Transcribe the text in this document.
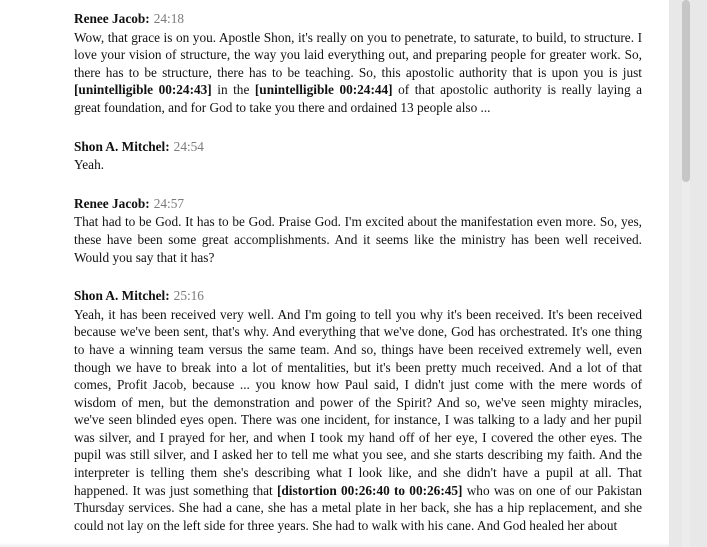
Renee Jacob: 24:18
Wow, that grace is on you. Apostle Shon, it's really on you to penetrate, to saturate, to build, to structure. I love your vision of structure, the way you laid everything out, and preparing people for greater work. So, there has to be structure, there has to be teaching. So, this apostolic authority that is upon you is just [unintelligible 00:24:43] in the [unintelligible 00:24:44] of that apostolic authority is really laying a great foundation, and for God to take you there and ordained 13 people also ...
Shon A. Mitchel: 24:54
Yeah.
Renee Jacob: 24:57
That had to be God. It has to be God. Praise God. I'm excited about the manifestation even more. So, yes, these have been some great accomplishments. And it seems like the ministry has been well received. Would you say that it has?
Shon A. Mitchel: 25:16
Yeah, it has been received very well. And I'm going to tell you why it's been received. It's been received because we've been sent, that's why. And everything that we've done, God has orchestrated. It's one thing to have a winning team versus the same team. And so, things have been received extremely well, even though we have to break into a lot of mentalities, but it's been pretty much received. And a lot of that comes, Profit Jacob, because ... you know how Paul said, I didn't just come with the mere words of wisdom of men, but the demonstration and power of the Spirit? And so, we've seen mighty miracles, we've seen blinded eyes open. There was one incident, for instance, I was talking to a lady and her pupil was silver, and I prayed for her, and when I took my hand off of her eye, I covered the other eyes. The pupil was still silver, and I asked her to tell me what you see, and she starts describing my faith. And the interpreter is telling them she's describing what I look like, and she didn't have a pupil at all. That happened. It was just something that [distortion 00:26:40 to 00:26:45] who was on one of our Pakistan Thursday services. She had a cane, she has a metal plate in her back, she has a hip replacement, and she could not lay on the left side for three years. She had to walk with his cane. And God healed her about
